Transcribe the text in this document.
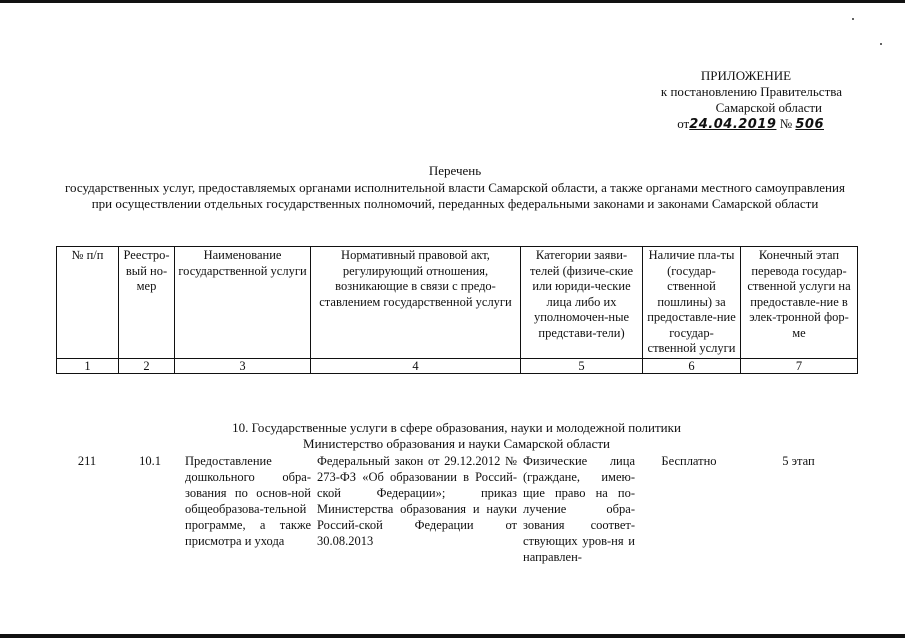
ПРИЛОЖЕНИЕ
к постановлению Правительства
Самарской области
от24.04.2019 № 506
Перечень
государственных услуг, предоставляемых органами исполнительной власти Самарской области, а также органами местного самоуправления при осуществлении отдельных государственных полномочий, переданных федеральными законами и законами Самарской области
№ п/п	Реестро-вый но-мер	Наименование государственной услуги	Нормативный правовой акт, регулирующий отношения, возникающие в связи с предо-ставлением государственной услуги	Категории заяви-телей (физиче-ские или юриди-ческие лица либо их уполномочен-ные представи-тели)	Наличие пла-ты (государ-ственной пошлины) за предоставле-ние государ-ственной услуги	Конечный этап перевода государ-ственной услуги на предоставле-ние в элек-тронной фор-ме
1	2	3	4	5	6	7
10. Государственные услуги в сфере образования, науки и молодежной политики
Министерство образования и науки Самарской области
211	10.1	Предоставление дошкольного обра-зования по основ-ной общеобразова-тельной программе, а также присмотра и ухода	Федеральный закон от 29.12.2012 № 273-ФЗ «Об образовании в Россий-ской Федерации»; приказ Министерства образования и науки Россий-ской Федерации от 30.08.2013	Физические лица (граждане, имею-щие право на по-лучение обра-зования соответ-ствующих уров-ня и направлен-	Бесплатно	5 этап
